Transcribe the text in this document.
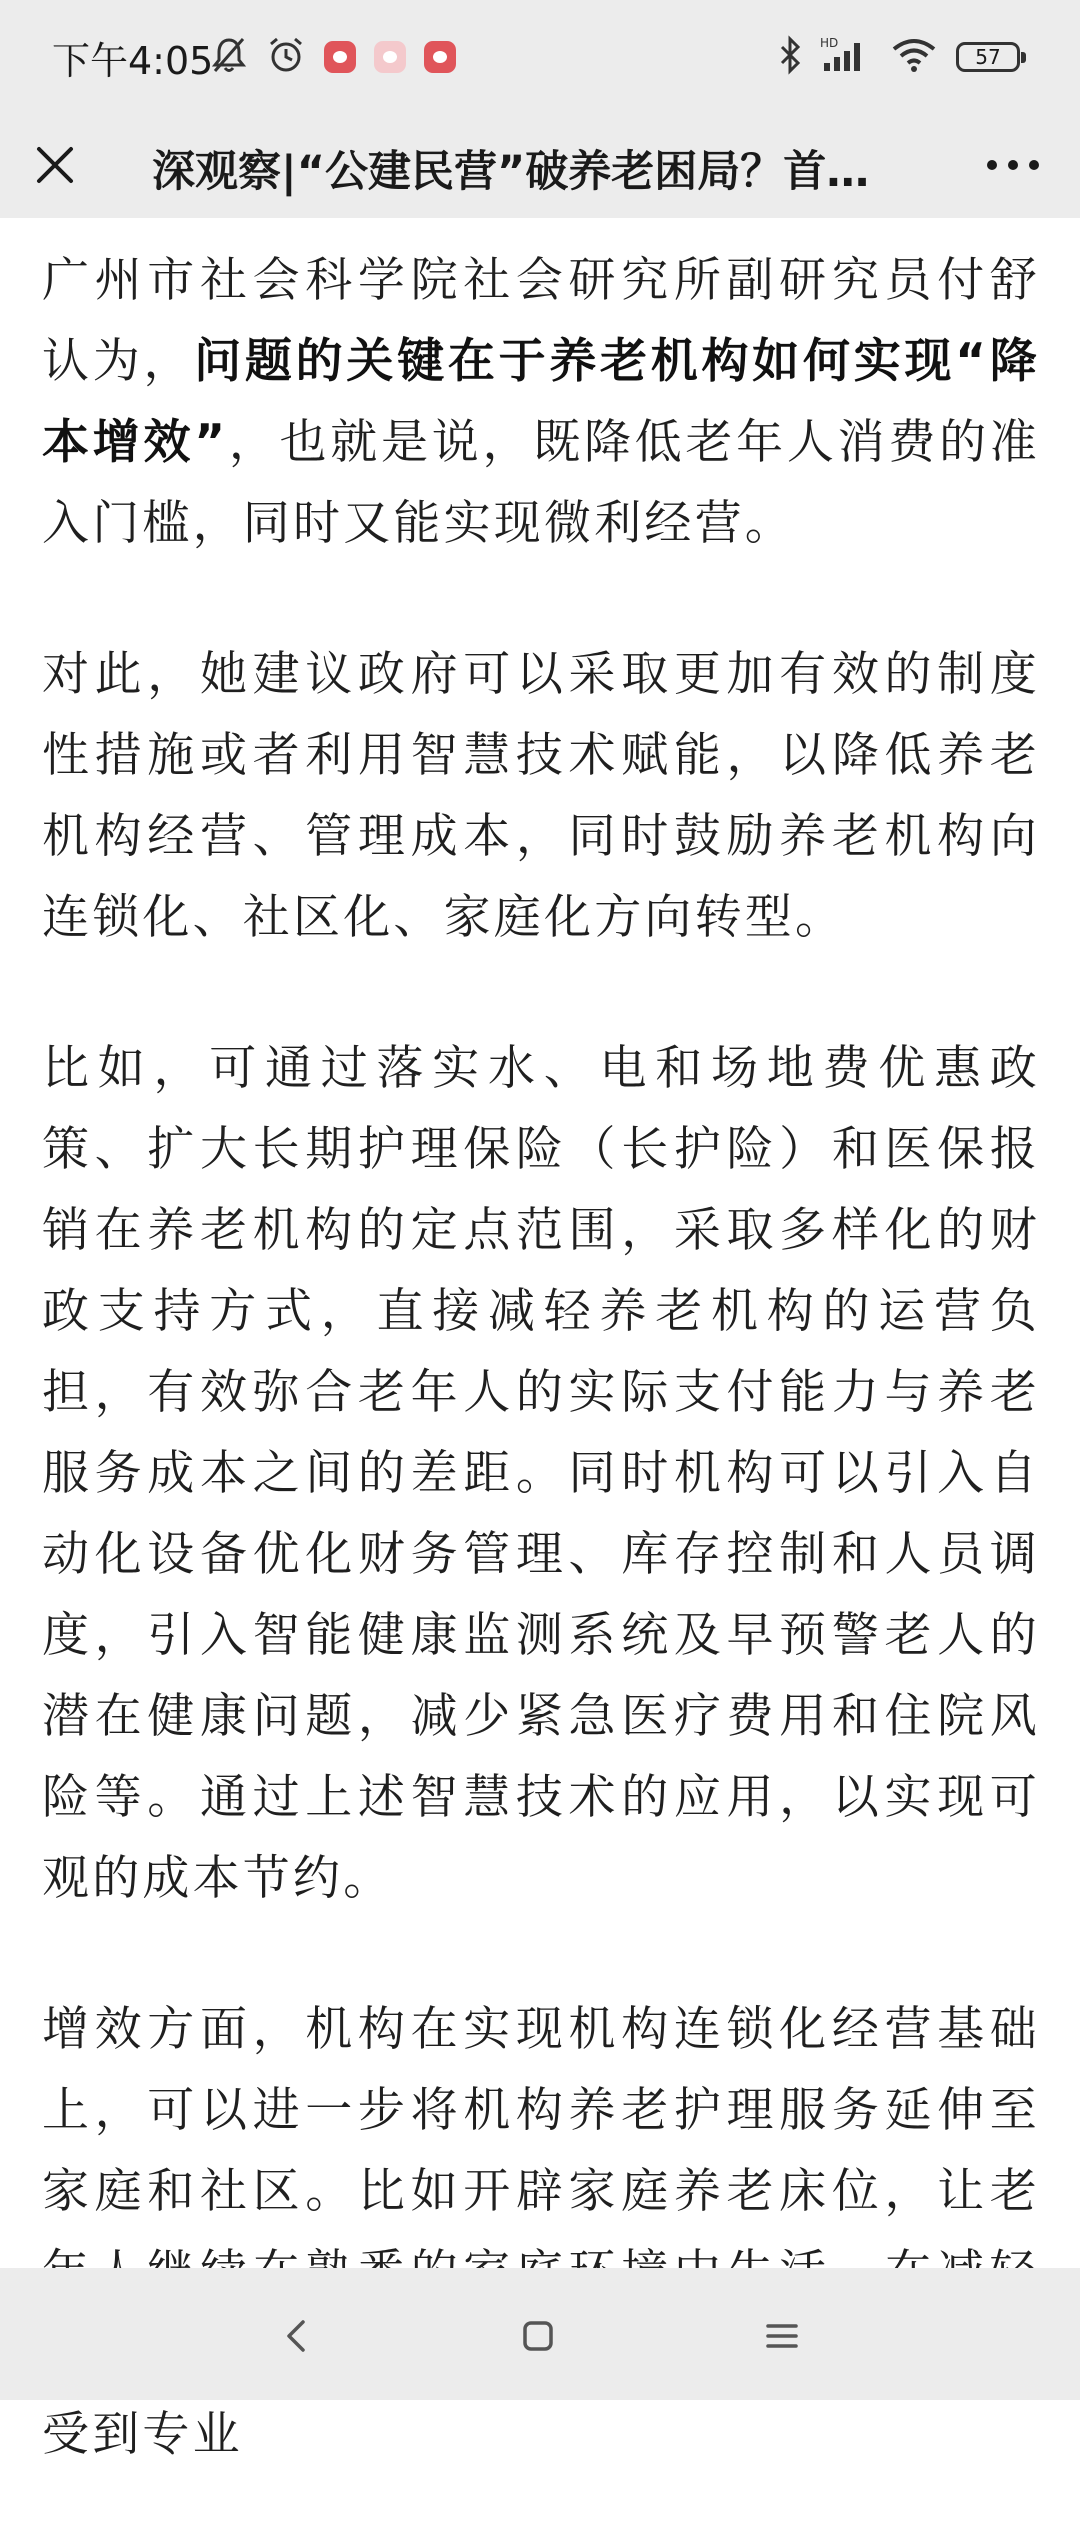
下午4:05	HD
57
深观察|“公建民营”破养老困局？首…

广州市社会科学院社会研究所副研究员付舒认为，问题的关键在于养老机构如何实现“降本增效”，也就是说，既降低老年人消费的准入门槛，同时又能实现微利经营。

对此，她建议政府可以采取更加有效的制度性措施或者利用智慧技术赋能，以降低养老机构经营、管理成本，同时鼓励养老机构向连锁化、社区化、家庭化方向转型。

比如，可通过落实水、电和场地费优惠政策、扩大长期护理保险（长护险）和医保报销在养老机构的定点范围，采取多样化的财政支持方式，直接减轻养老机构的运营负担，有效弥合老年人的实际支付能力与养老服务成本之间的差距。同时机构可以引入自动化设备优化财务管理、库存控制和人员调度，引入智能健康监测系统及早预警老人的潜在健康问题，减少紧急医疗费用和住院风险等。通过上述智慧技术的应用，以实现可观的成本节约。

增效方面，机构在实现机构连锁化经营基础上，可以进一步将机构养老护理服务延伸至家庭和社区。比如开辟家庭养老床位，让老 受到专业
